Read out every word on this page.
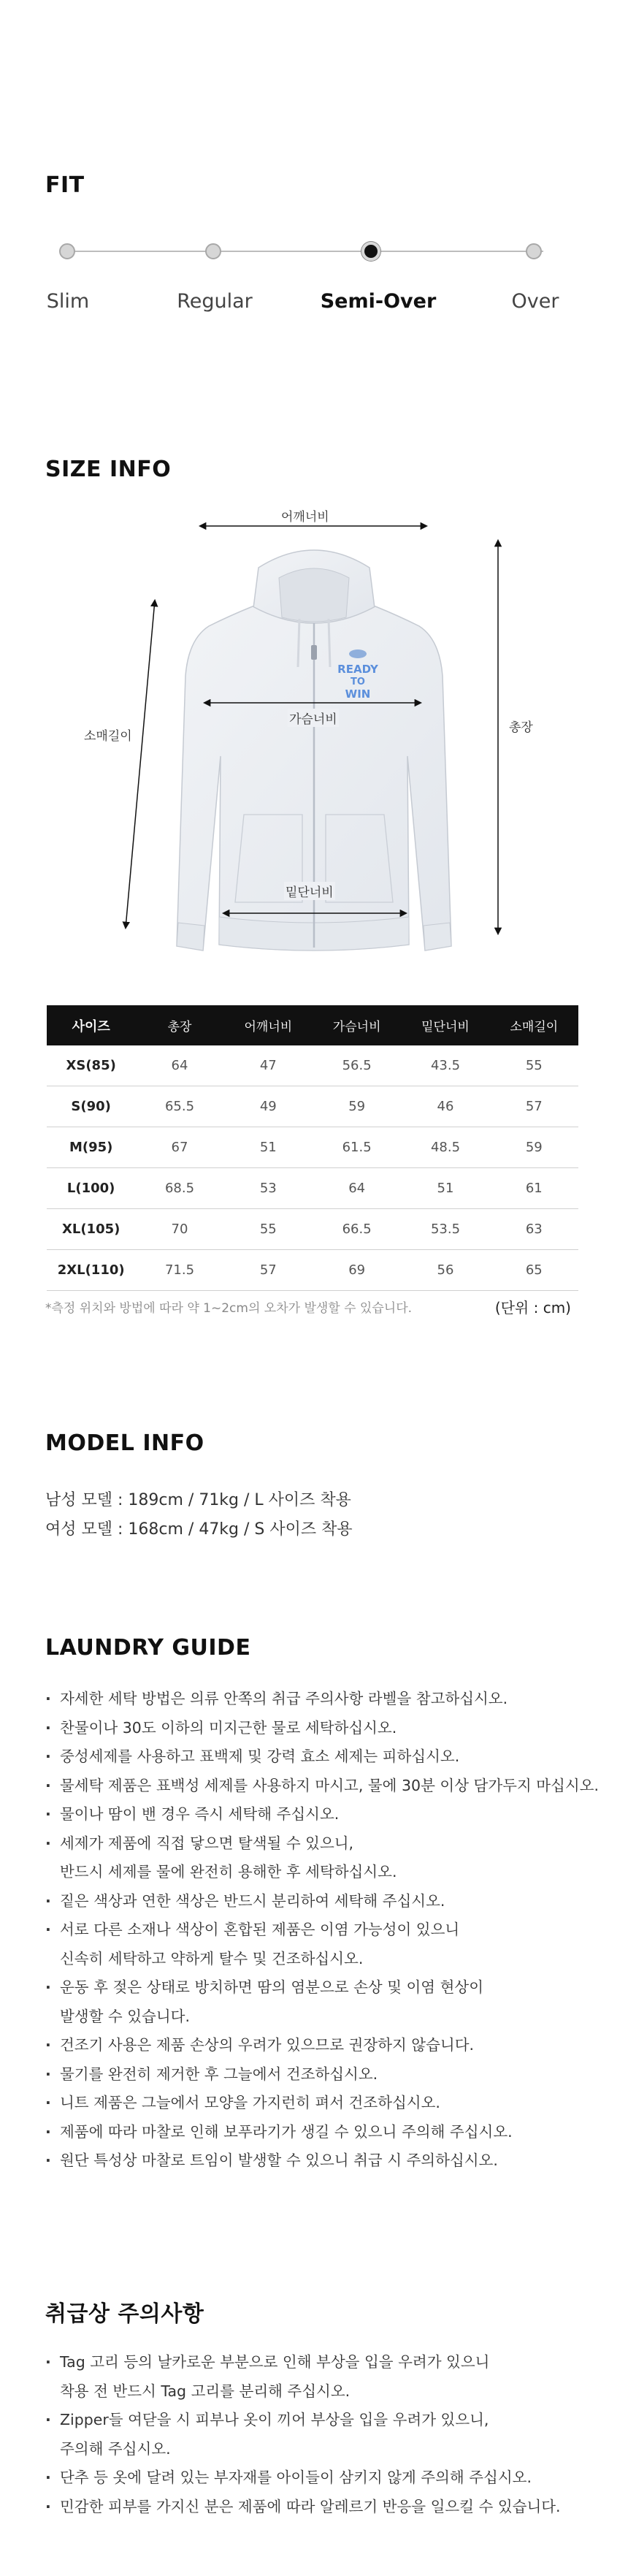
FIT
Slim	Regular	Semi-Over	Over
SIZE INFO
READY
TO
WIN
어깨너비
가슴너비
밑단너비
소매길이
총장
사이즈	총장	어깨너비	가슴너비	밑단너비	소매길이
XS(85)	64	47	56.5	43.5	55
S(90)	65.5	49	59	46	57
M(95)	67	51	61.5	48.5	59
L(100)	68.5	53	64	51	61
XL(105)	70	55	66.5	53.5	63
2XL(110)	71.5	57	69	56	65
*측정 위치와 방법에 따라 약 1~2cm의 오차가 발생할 수 있습니다.	(단위 : cm)
MODEL INFO
남성 모델 : 189cm / 71kg / L 사이즈 착용
여성 모델 : 168cm / 47kg / S 사이즈 착용
LAUNDRY GUIDE
· 자세한 세탁 방법은 의류 안쪽의 취급 주의사항 라벨을 참고하십시오.
· 찬물이나 30도 이하의 미지근한 물로 세탁하십시오.
· 중성세제를 사용하고 표백제 및 강력 효소 세제는 피하십시오.
· 물세탁 제품은 표백성 세제를 사용하지 마시고, 물에 30분 이상 담가두지 마십시오.
· 물이나 땀이 밴 경우 즉시 세탁해 주십시오.
· 세제가 제품에 직접 닿으면 탈색될 수 있으니,
반드시 세제를 물에 완전히 용해한 후 세탁하십시오.
· 짙은 색상과 연한 색상은 반드시 분리하여 세탁해 주십시오.
· 서로 다른 소재나 색상이 혼합된 제품은 이염 가능성이 있으니
신속히 세탁하고 약하게 탈수 및 건조하십시오.
· 운동 후 젖은 상태로 방치하면 땀의 염분으로 손상 및 이염 현상이
발생할 수 있습니다.
· 건조기 사용은 제품 손상의 우려가 있으므로 권장하지 않습니다.
· 물기를 완전히 제거한 후 그늘에서 건조하십시오.
· 니트 제품은 그늘에서 모양을 가지런히 펴서 건조하십시오.
· 제품에 따라 마찰로 인해 보푸라기가 생길 수 있으니 주의해 주십시오.
· 원단 특성상 마찰로 트임이 발생할 수 있으니 취급 시 주의하십시오.
취급상 주의사항
· Tag 고리 등의 날카로운 부분으로 인해 부상을 입을 우려가 있으니
착용 전 반드시 Tag 고리를 분리해 주십시오.
· Zipper들 여닫을 시 피부나 옷이 끼어 부상을 입을 우려가 있으니,
주의해 주십시오.
· 단추 등 옷에 달려 있는 부자재를 아이들이 삼키지 않게 주의해 주십시오.
· 민감한 피부를 가지신 분은 제품에 따라 알레르기 반응을 일으킬 수 있습니다.
